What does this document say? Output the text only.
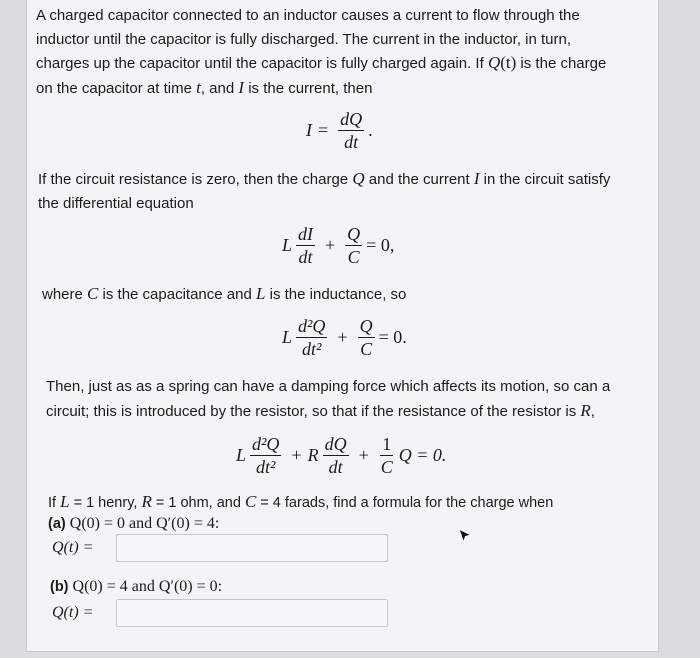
A charged capacitor connected to an inductor causes a current to flow through the
inductor until the capacitor is fully discharged. The current in the inductor, in turn,
charges up the capacitor until the capacitor is fully charged again. If Q(t) is the charge
on the capacitor at time t, and I is the current, then

$I = \frac{dQ}{dt}$ .

If the circuit resistance is zero, then the charge Q and the current I in the circuit satisfy
the differential equation

L $\frac{dI}{dt} + \frac{Q}{C} = 0$,

where C is the capacitance and L is the inductance, so

L $\frac{\text{d²Q}}{\text{dt²}} + \frac{Q}{C} = 0$.

Then, just as as a spring can have a damping force which affects its motion, so can a
circuit; this is introduced by the resistor, so that if the resistance of the resistor is R,

L $\frac{\text{d²Q}}{\text{dt²}} + R \frac{dQ}{dt} + \frac{1}{C}$ Q = 0.

If L = 1 henry, R = 1 ohm, and C = 4 farads, find a formula for the charge when

(a) Q(0) = 0 and Q′(0) = 4:
Q(t) =
(b) Q(0) = 4 and Q′(0) = 0:
Q(t) =
